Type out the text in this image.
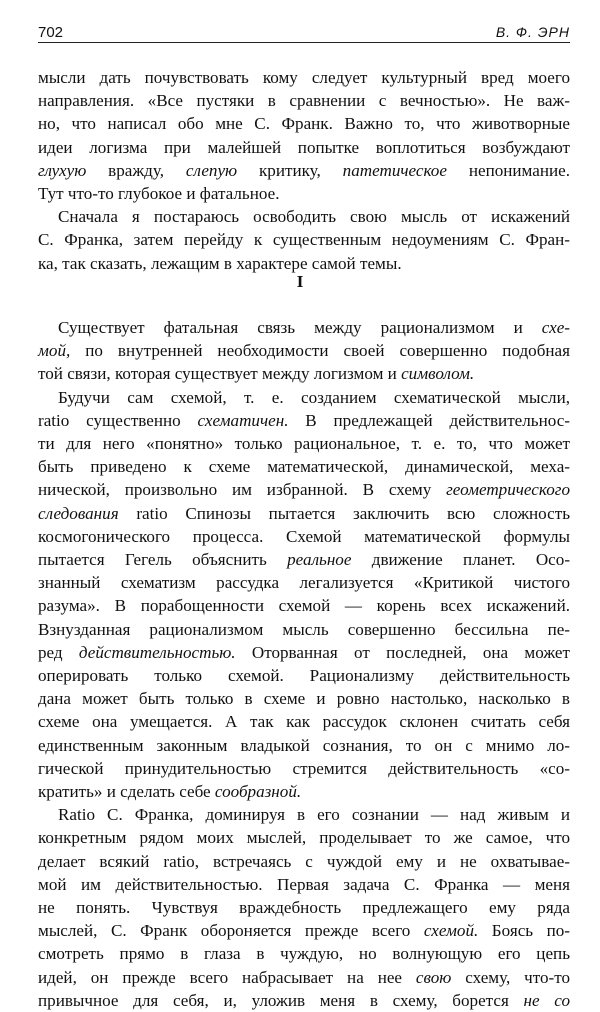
702	В. Ф. ЭРН
I
мысли дать почувствовать кому следует культурный вред моего
направления. «Все пустяки в сравнении с вечностью». Не важ-
но, что написал обо мне С. Франк. Важно то, что животворные
идеи логизма при малейшей попытке воплотиться возбуждают
глухую вражду, слепую критику, патетическое непонимание.
Тут что-то глубокое и фатальное.
Сначала я постараюсь освободить свою мысль от искажений
С. Франка, затем перейду к существенным недоумениям С. Фран-
ка, так сказать, лежащим в характере самой темы.
Существует фатальная связь между рационализмом и схе-
мой, по внутренней необходимости своей совершенно подобная
той связи, которая существует между логизмом и символом.
Будучи сам схемой, т. е. созданием схематической мысли,
ratio существенно схематичен. В предлежащей действительнос-
ти для него «понятно» только рациональное, т. е. то, что может
быть приведено к схеме математической, динамической, меха-
нической, произвольно им избранной. В схему геометрического
следования ratio Спинозы пытается заключить всю сложность
космогонического процесса. Схемой математической формулы
пытается Гегель объяснить реальное движение планет. Осо-
знанный схематизм рассудка легализуется «Критикой чистого
разума». В порабощенности схемой — корень всех искажений.
Взнузданная рационализмом мысль совершенно бессильна пе-
ред действительностью. Оторванная от последней, она может
оперировать только схемой. Рационализму действительность
дана может быть только в схеме и ровно настолько, насколько в
схеме она умещается. А так как рассудок склонен считать себя
единственным законным владыкой сознания, то он с мнимо ло-
гической принудительностью стремится действительность «со-
кратить» и сделать себе сообразной.
Ratio С. Франка, доминируя в его сознании — над живым и
конкретным рядом моих мыслей, проделывает то же самое, что
делает всякий ratio, встречаясь с чуждой ему и не охватывае-
мой им действительностью. Первая задача С. Франка — меня
не понять. Чувствуя враждебность предлежащего ему ряда
мыслей, С. Франк обороняется прежде всего схемой. Боясь по-
смотреть прямо в глаза в чуждую, но волнующую его цепь
идей, он прежде всего набрасывает на нее свою схему, что-то
привычное для себя, и, уложив меня в схему, борется не со
